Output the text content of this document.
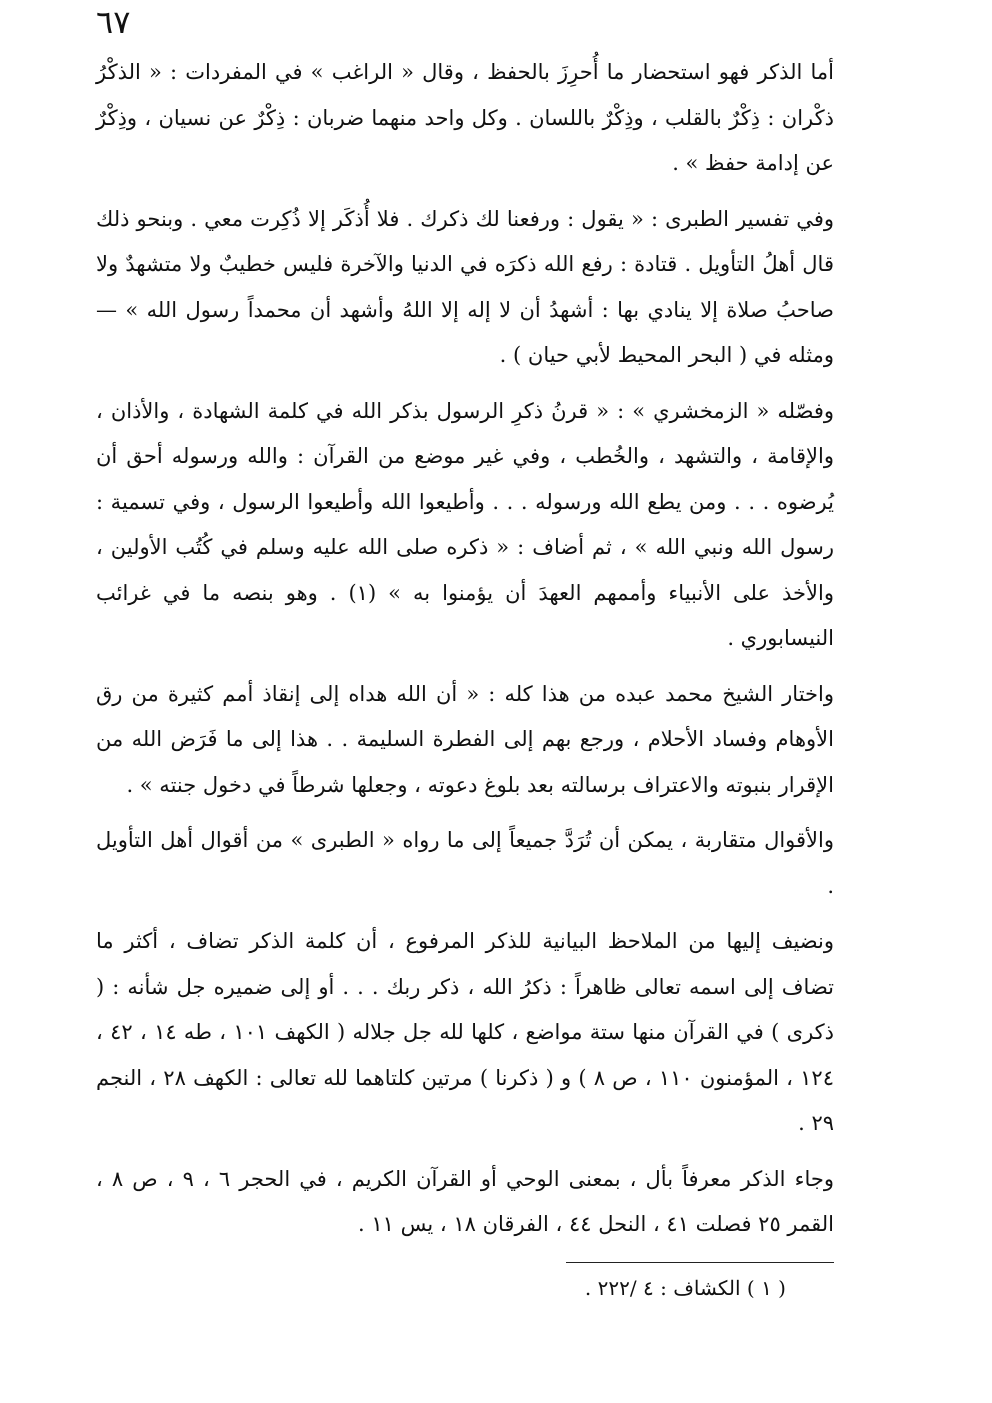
٦٧

أما الذكر فهو استحضار ما أُحرِزَ بالحفظ ، وقال « الراغب » في المفردات : « الذكْرُ ذكْران : ذِكْرٌ بالقلب ، وذِكْرٌ باللسان . وكل واحد منهما ضربان : ذِكْرٌ عن نسيان ، وذِكْرٌ عن إدامة حفظ » .

وفي تفسير الطبرى : « يقول : ورفعنا لك ذكرك . فلا أُذكَر إلا ذُكِرت معي . وبنحو ذلك قال أهلُ التأويل . قتادة : رفع الله ذكرَه في الدنيا والآخرة فليس خطيبٌ ولا متشهدٌ ولا صاحبُ صلاة إلا ينادي بها : أشهدُ أن لا إله إلا اللهُ وأشهد أن محمداً رسول الله » — ومثله في ( البحر المحيط لأبي حيان ) .

وفصّله « الزمخشري » : « قرنُ ذكرِ الرسول بذكر الله في كلمة الشهادة ، والأذان ، والإقامة ، والتشهد ، والخُطب ، وفي غير موضع من القرآن : والله ورسوله أحق أن يُرضوه . . . ومن يطع الله ورسوله . . . وأطيعوا الله وأطيعوا الرسول ، وفي تسمية : رسول الله ونبي الله » ، ثم أضاف : « ذكره صلى الله عليه وسلم في كُتُب الأولين ، والأخذ على الأنبياء وأممهم العهدَ أن يؤمنوا به » (١) . وهو بنصه ما في غرائب النيسابوري .

واختار الشيخ محمد عبده من هذا كله : « أن الله هداه إلى إنقاذ أمم كثيرة من رق الأوهام وفساد الأحلام ، ورجع بهم إلى الفطرة السليمة . . هذا إلى ما فَرَض الله من الإقرار بنبوته والاعتراف برسالته بعد بلوغ دعوته ، وجعلها شرطاً في دخول جنته » .

والأقوال متقاربة ، يمكن أن تُرَدَّ جميعاً إلى ما رواه « الطبرى » من أقوال أهل التأويل .

ونضيف إليها من الملاحظ البيانية للذكر المرفوع ، أن كلمة الذكر تضاف ، أكثر ما تضاف إلى اسمه تعالى ظاهراً : ذكرُ الله ، ذكر ربك . . . أو إلى ضميره جل شأنه : ( ذكرى ) في القرآن منها ستة مواضع ، كلها لله جل جلاله ( الكهف ١٠١ ، طه ١٤ ، ٤٢ ، ١٢٤ ، المؤمنون ١١٠ ، ص ٨ ) و ( ذكرنا ) مرتين كلتاهما لله تعالى : الكهف ٢٨ ، النجم ٢٩ .

وجاء الذكر معرفاً بأل ، بمعنى الوحي أو القرآن الكريم ، في الحجر ٦ ، ٩ ، ص ٨ ، القمر ٢٥ فصلت ٤١ ، النحل ٤٤ ، الفرقان ١٨ ، يس ١١ .

( ١ ) الكشاف : ٤ /٢٢٢ .
